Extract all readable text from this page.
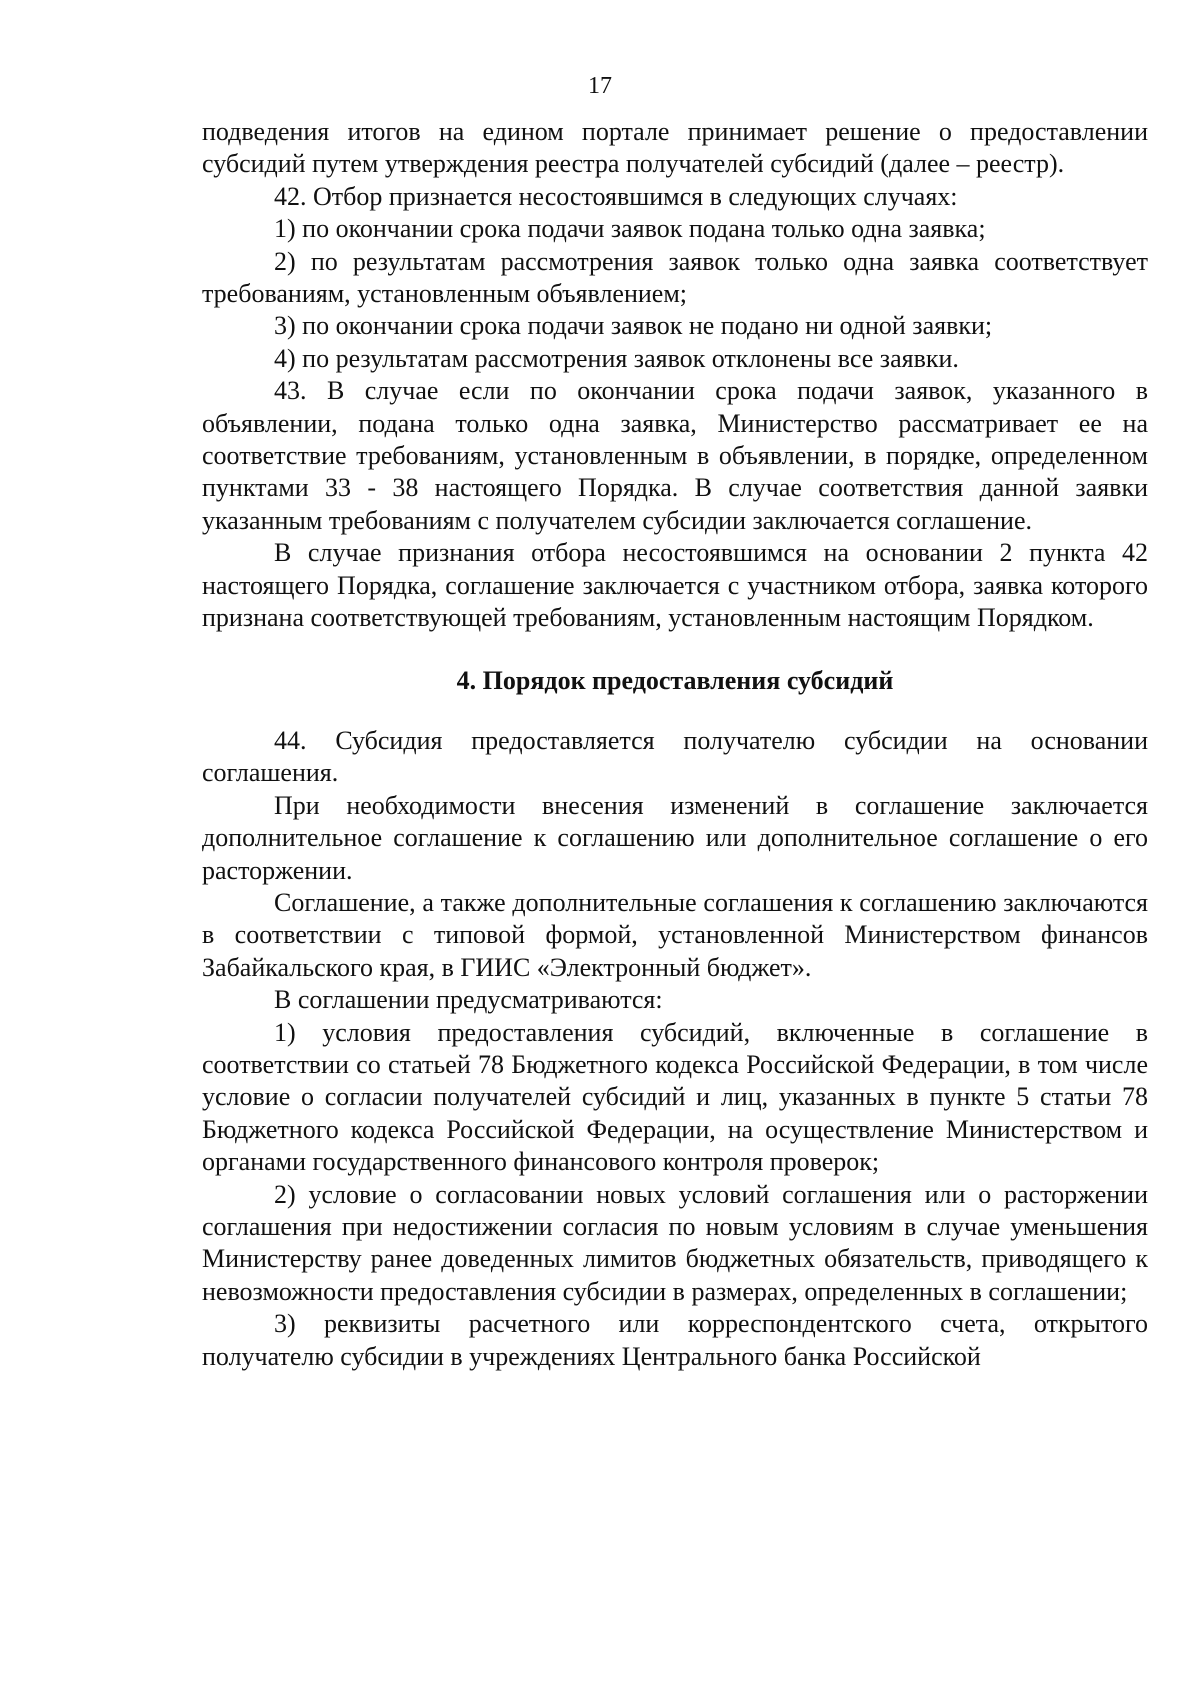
17

подведения итогов на едином портале принимает решение о предоставлении субсидий путем утверждения реестра получателей субсидий (далее – реестр).

42. Отбор признается несостоявшимся в следующих случаях:

1) по окончании срока подачи заявок подана только одна заявка;

2) по результатам рассмотрения заявок только одна заявка соответствует требованиям, установленным объявлением;

3) по окончании срока подачи заявок не подано ни одной заявки;

4) по результатам рассмотрения заявок отклонены все заявки.

43. В случае если по окончании срока подачи заявок, указанного в объявлении, подана только одна заявка, Министерство рассматривает ее на соответствие требованиям, установленным в объявлении, в порядке, определенном пунктами 33 - 38 настоящего Порядка. В случае соответствия данной заявки указанным требованиям с получателем субсидии заключается соглашение.

В случае признания отбора несостоявшимся на основании 2 пункта 42 настоящего Порядка, соглашение заключается с участником отбора, заявка которого признана соответствующей требованиям, установленным настоящим Порядком.

4. Порядок предоставления субсидий

44. Субсидия предоставляется получателю субсидии на основании соглашения.

При необходимости внесения изменений в соглашение заключается дополнительное соглашение к соглашению или дополнительное соглашение о его расторжении.

Соглашение, а также дополнительные соглашения к соглашению заключаются в соответствии с типовой формой, установленной Министерством финансов Забайкальского края, в ГИИС «Электронный бюджет».

В соглашении предусматриваются:

1) условия предоставления субсидий, включенные в соглашение в соответствии со статьей 78 Бюджетного кодекса Российской Федерации, в том числе условие о согласии получателей субсидий и лиц, указанных в пункте 5 статьи 78 Бюджетного кодекса Российской Федерации, на осуществление Министерством и органами государственного финансового контроля проверок;

2) условие о согласовании новых условий соглашения или о расторжении соглашения при недостижении согласия по новым условиям в случае уменьшения Министерству ранее доведенных лимитов бюджетных обязательств, приводящего к невозможности предоставления субсидии в размерах, определенных в соглашении;

3) реквизиты расчетного или корреспондентского счета, открытого получателю субсидии в учреждениях Центрального банка Российской
